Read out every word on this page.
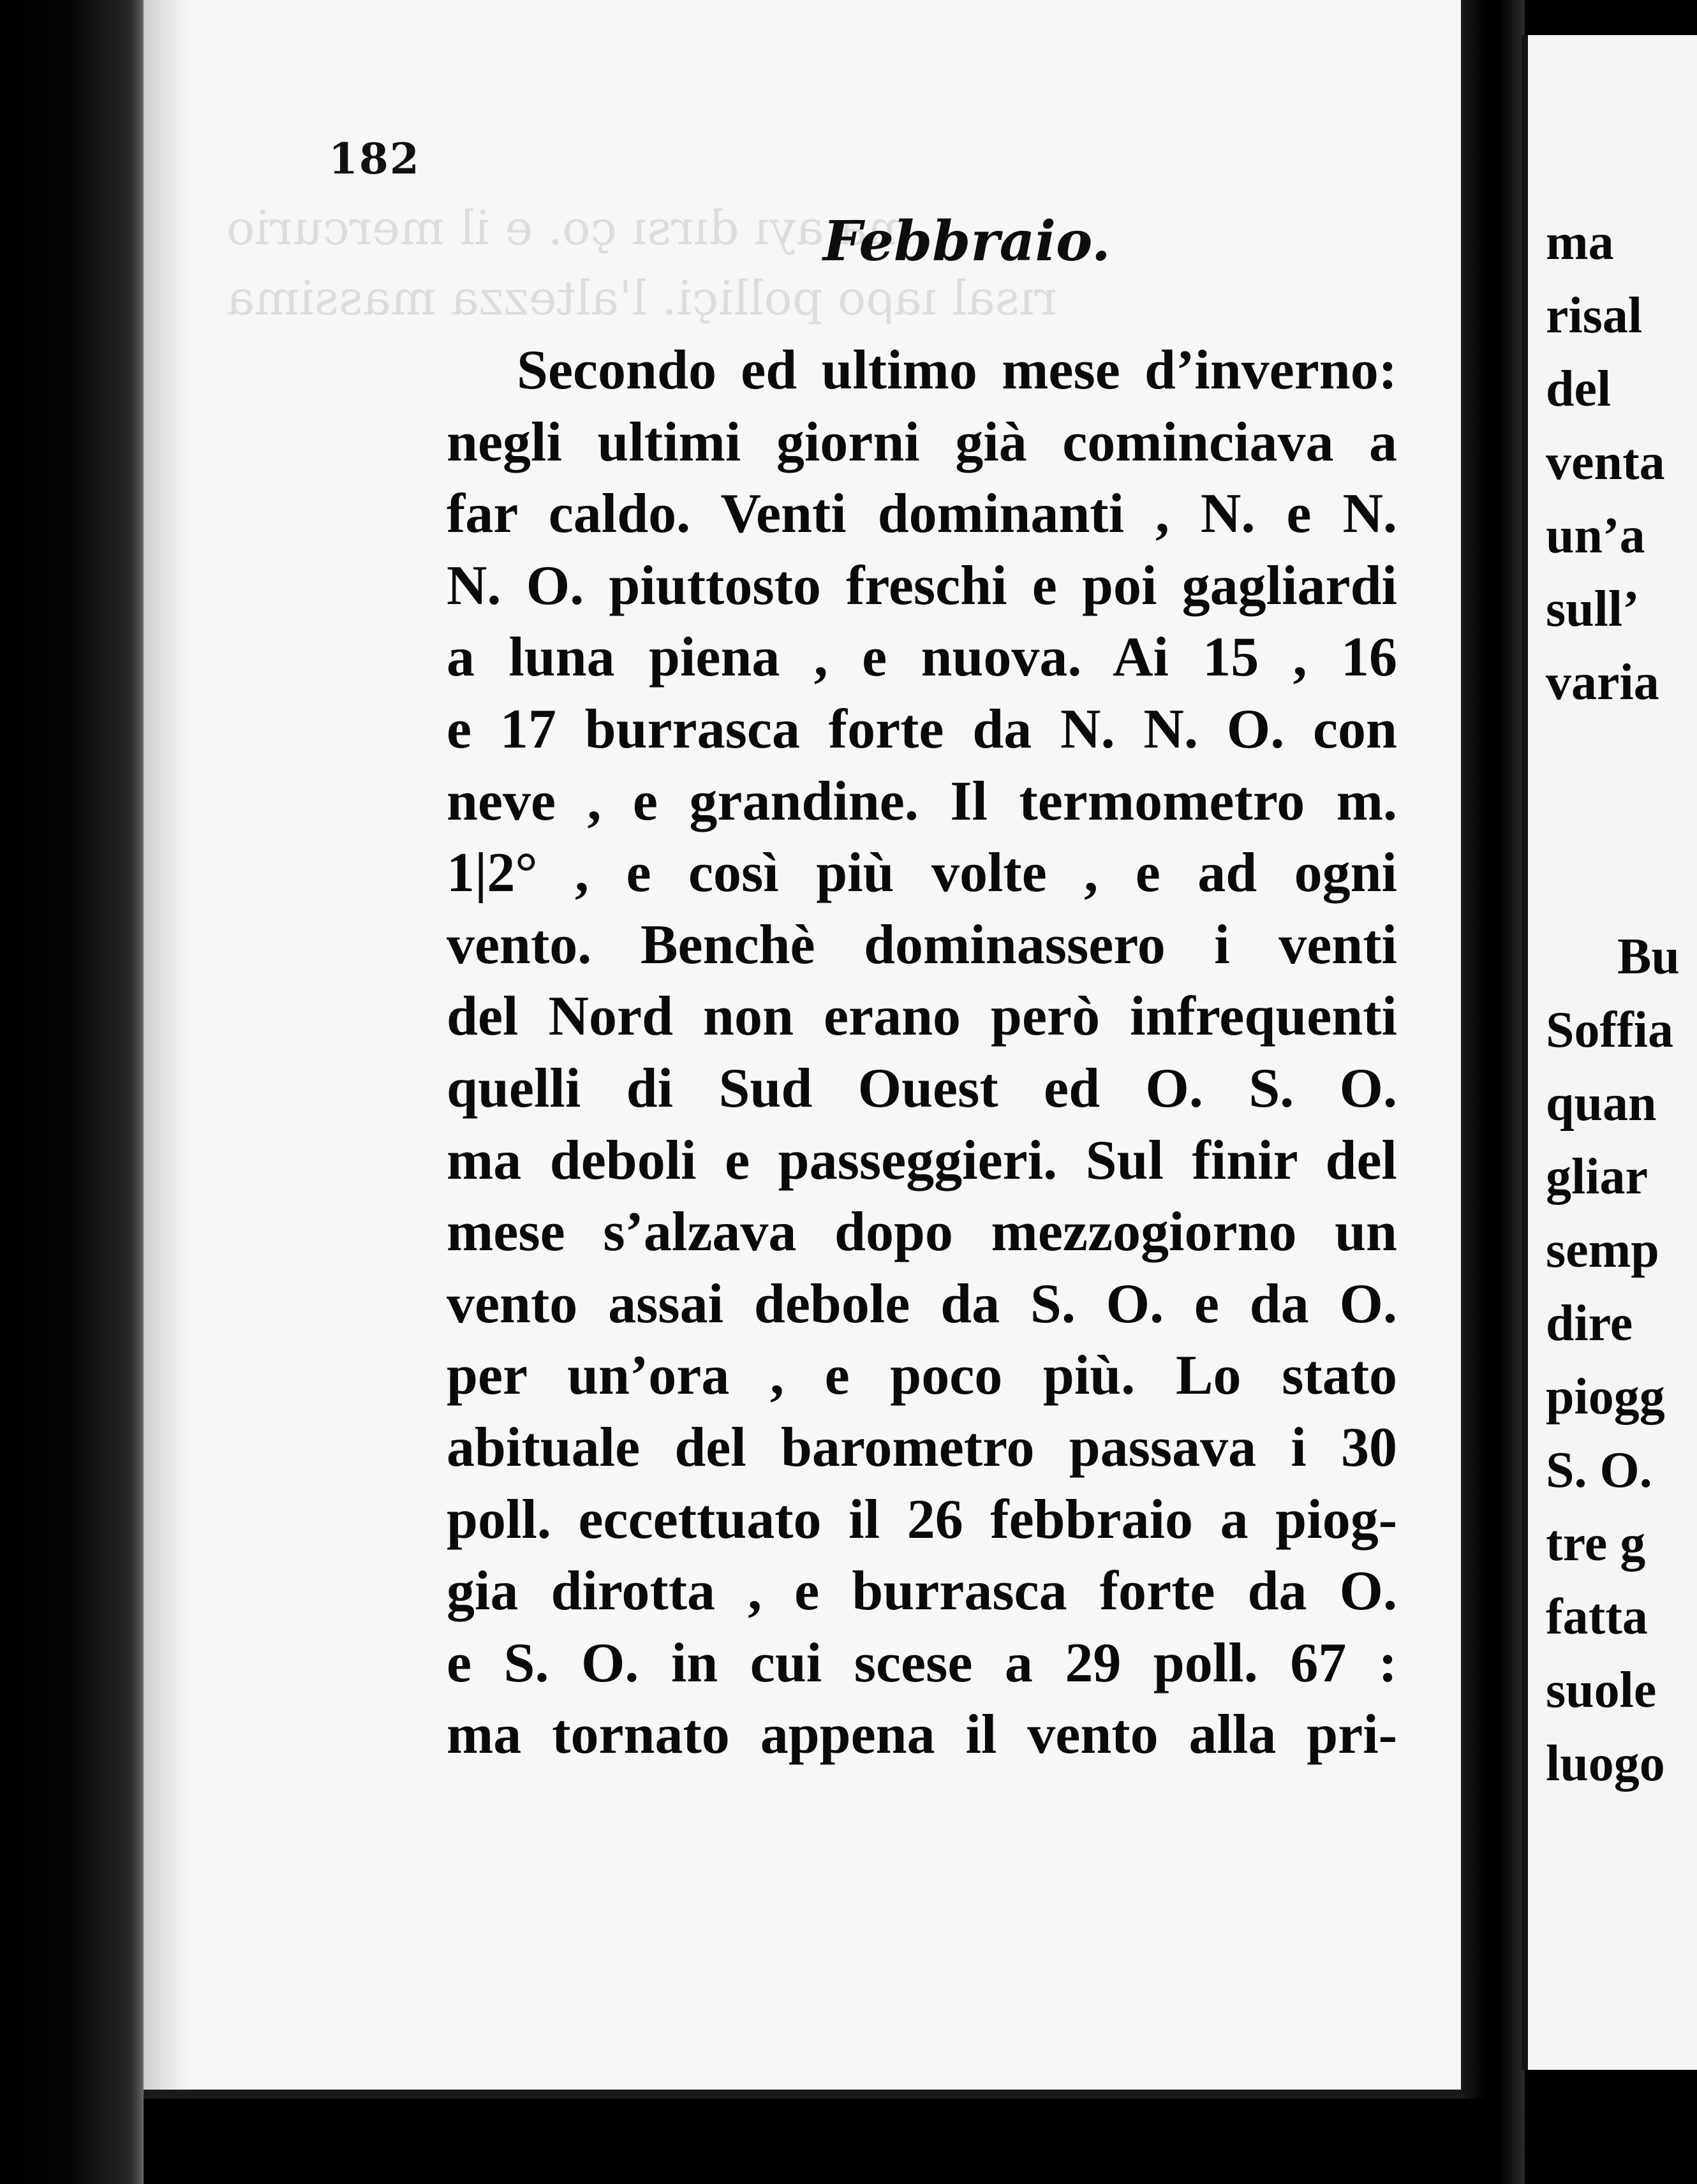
ma ayı dırsı ço. e il mercurio
rısal ıaρo polliçi. l'altezza massima
182
Febbraio.
Secondo ed ultimo mese d’inverno:
negli ultimi giorni già cominciava a
far caldo. Venti dominanti , N. e N.
N. O. piuttosto freschi e poi gagliardi
a luna piena , e nuova. Ai 15 , 16
e 17 burrasca forte da N. N. O. con
neve , e grandine. Il termometro m.
1|2° , e così più volte , e ad ogni
vento. Benchè dominassero i venti
del Nord non erano però infrequenti
quelli di Sud Ouest ed O. S. O.
ma deboli e passeggieri. Sul finir del
mese s’alzava dopo mezzogiorno un
vento assai debole da S. O. e da O.
per un’ora , e poco più. Lo stato
abituale del barometro passava i 30
poll. eccettuato il 26 febbraio a piog-
gia dirotta , e burrasca forte da O.
e S. O. in cui scese a 29 poll. 67 :
ma tornato appena il vento alla pri-
ma
risal
del
venta
un’a
sull’
varia
Bu
Soffia
quan
gliar
semp
dire
piogg
S. O.
tre g
fatta
suole
luogo
